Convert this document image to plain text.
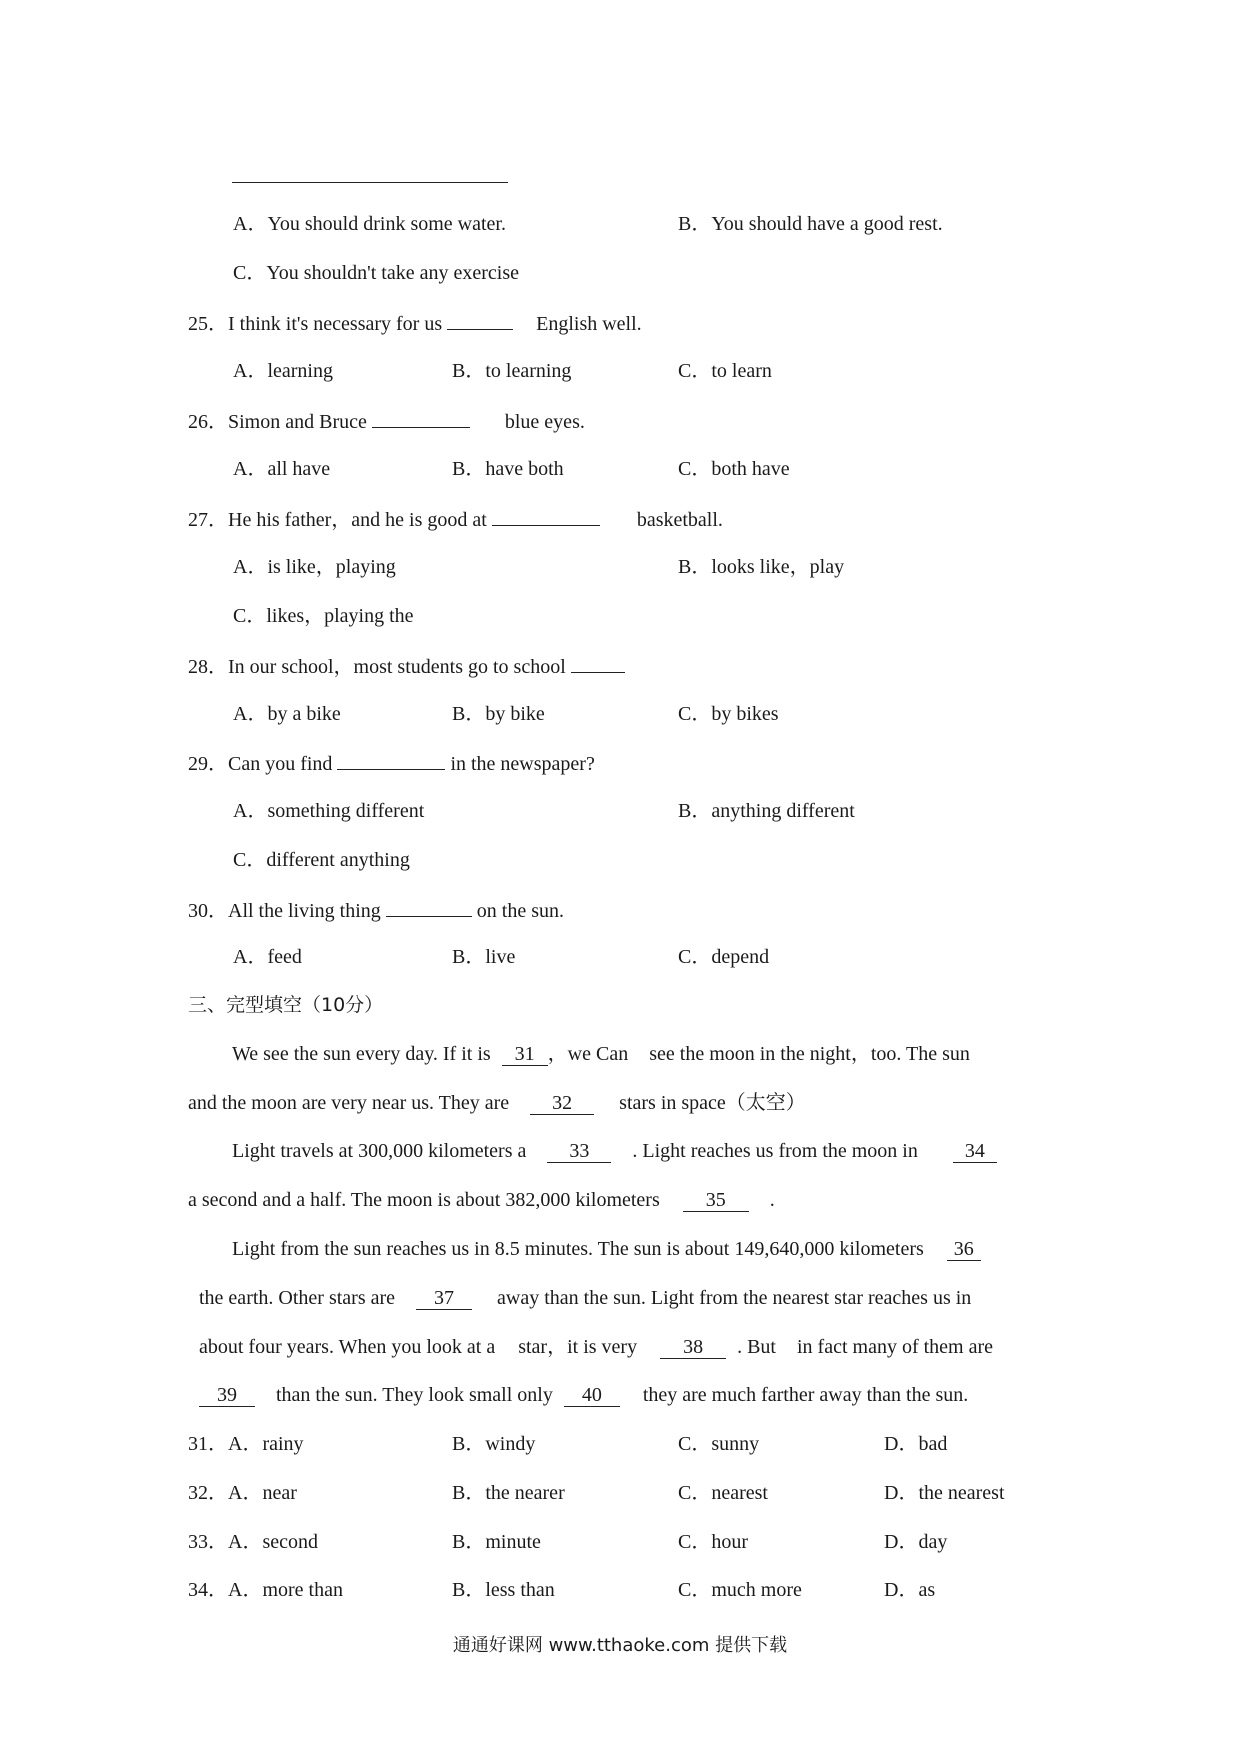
A．You should drink some water.	B．You should have a good rest.
C．You shouldn't take any exercise
25．I think it's necessary for us	English well.
A．learning	B．to learning	C．to learn
26．Simon and Bruce	blue eyes.
A．all have	B．have both	C．both have
27．He his father，and he is good at	basketball.
A．is like，playing	B．looks like，play
C．likes，playing the
28．In our school，most students go to school
A．by a bike	B．by bike	C．by bikes
29．Can you find	in the newspaper?
A．something different	B．anything different
C．different anything
30．All the living thing	on the sun.
A．feed	B．live	C．depend
三、完型填空（10分）
We see the sun every day. If it is 31 ，we Can see the moon in the night，too. The sun
and the moon are very near us. They are 32 stars in space（太空）
Light travels at 300,000 kilometers a 33 . Light reaches us from the moon in 34
a second and a half. The moon is about 382,000 kilometers 35 .
Light from the sun reaches us in 8.5 minutes. The sun is about 149,640,000 kilometers 36
the earth. Other stars are 37 away than the sun. Light from the nearest star reaches us in
about four years. When you look at a star，it is very 38 . But in fact many of them are
39 than the sun. They look small only 40 they are much farther away than the sun.
31．A．rainy	B．windy	C．sunny	D．bad
32．A．near	B．the nearer	C．nearest	D．the nearest
33．A．second	B．minute	C．hour	D．day
34．A．more than	B．less than	C．much more	D．as
通通好课网 www.tthaoke.com 提供下载
